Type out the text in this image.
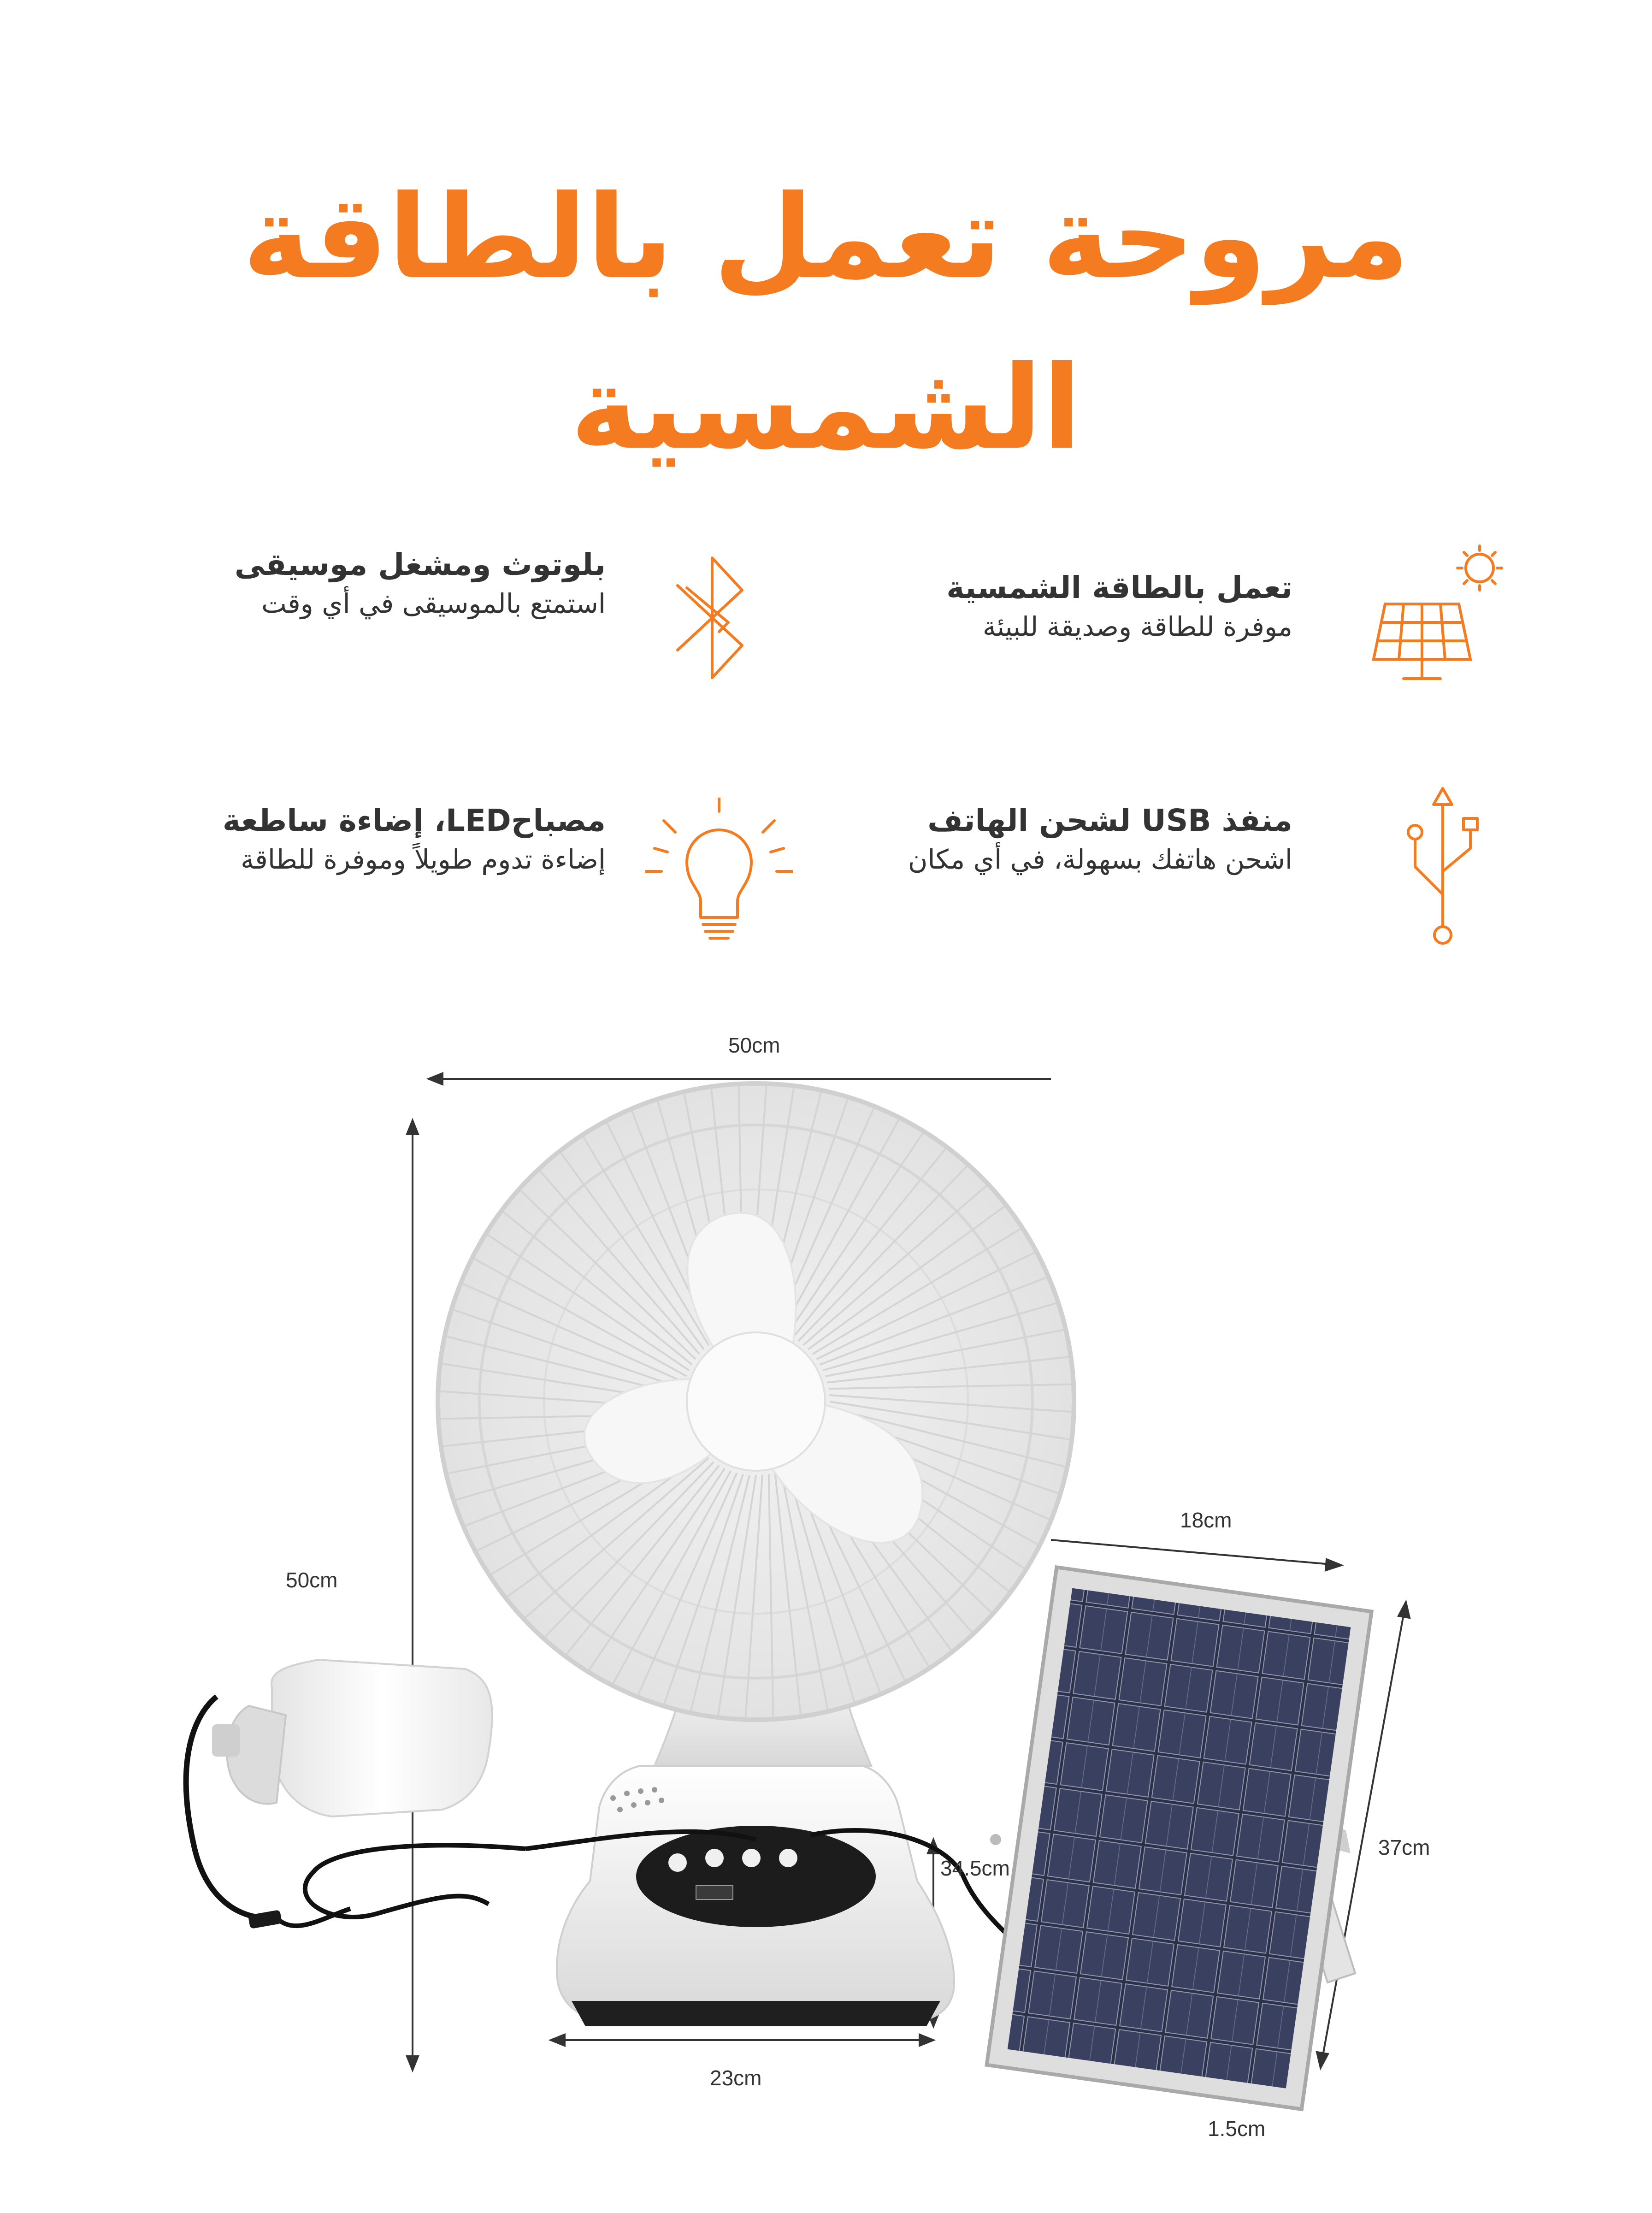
مروحة تعمل بالطاقة
الشمسية
تعمل بالطاقة الشمسية
موفرة للطاقة وصديقة للبيئة
بلوتوث ومشغل موسيقى
استمتع بالموسيقى في أي وقت
منفذ USB لشحن الهاتف
اشحن هاتفك بسهولة، في أي مكان
مصباحLED، إضاءة ساطعة
إضاءة تدوم طويلاً وموفرة للطاقة
50cm
50cm
23cm
34.5cm
18cm
37cm
1.5cm
